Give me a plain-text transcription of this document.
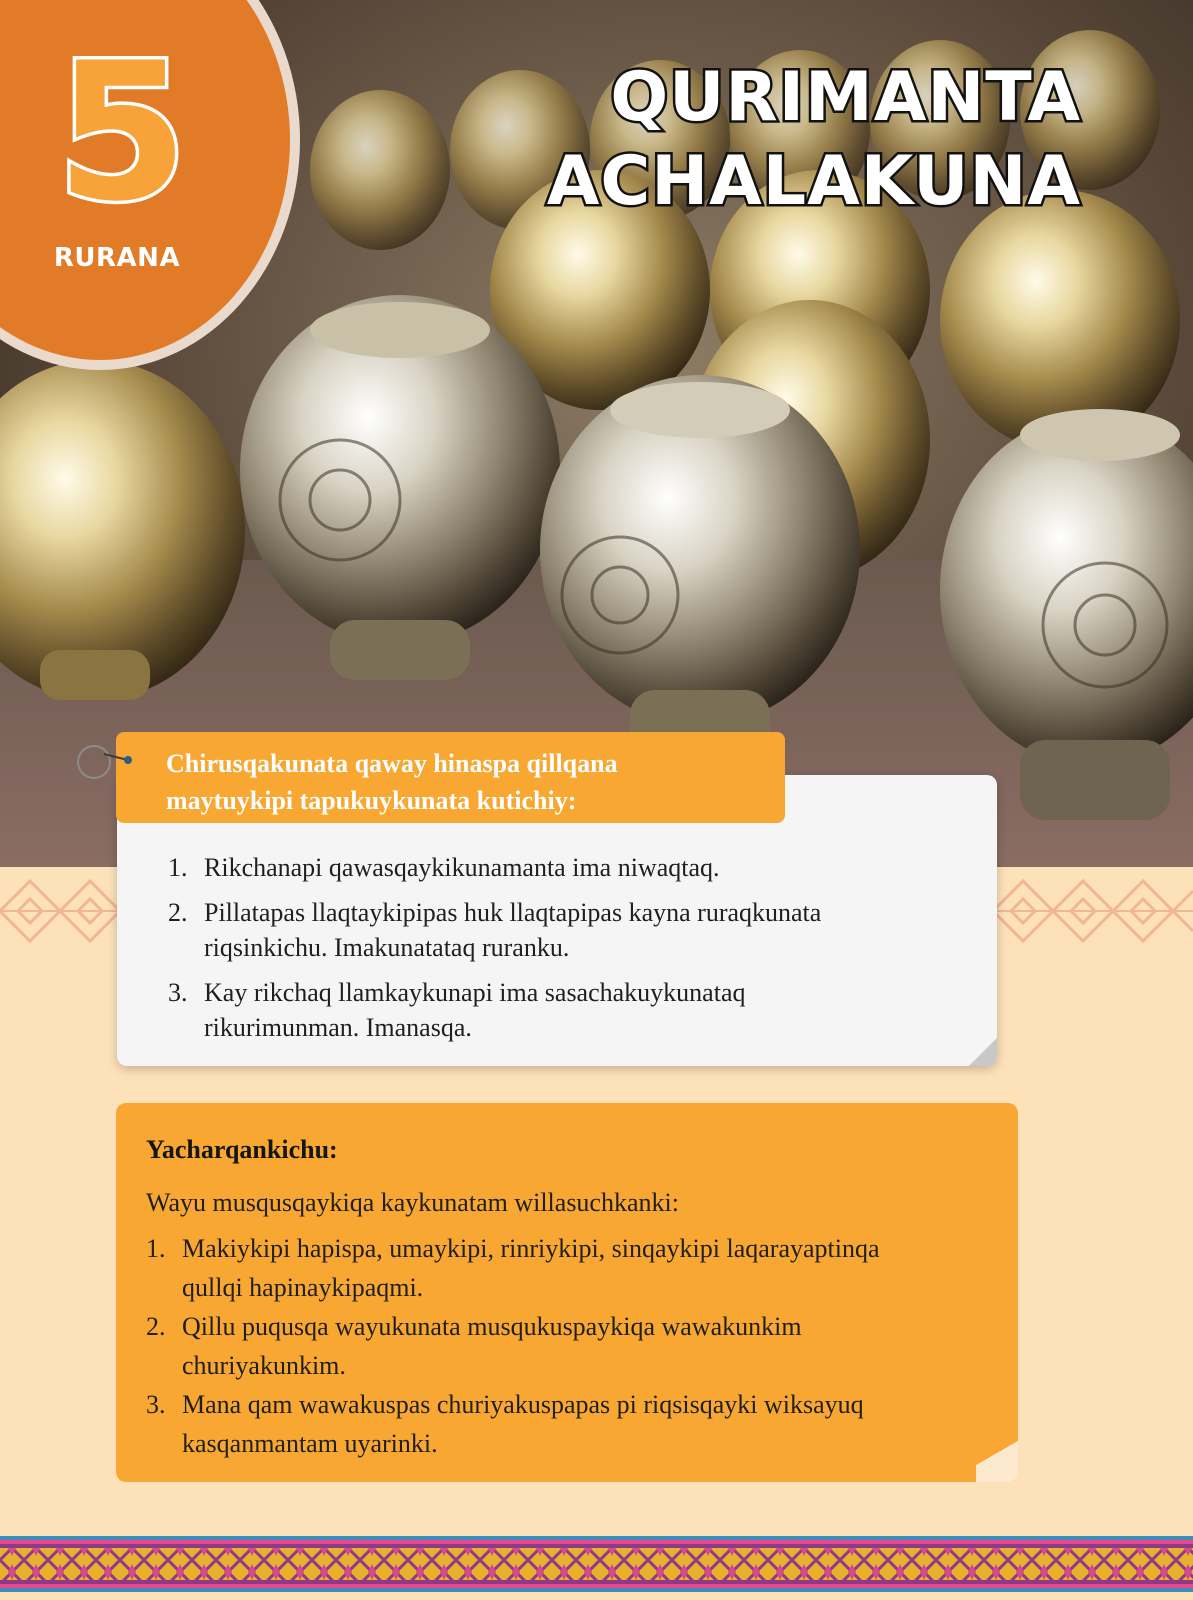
5
RURANA
QURIMANTA
ACHALAKUNA

Chirusqakunata qaway hinaspa qillqana
maytuykipi tapukuykunata kutichiy:

1. Rikchanapi qawasqaykikunamanta ima niwaqtaq.
2. Pillatapas llaqtaykipipas huk llaqtapipas kayna ruraqkunata
riqsinkichu. Imakunatataq ruranku.
3. Kay rikchaq llamkaykunapi ima sasachakuykunataq
rikurimunman. Imanasqa.
Yacharqankichu:

Wayu musqusqaykiqa kaykunatam willasuchkanki:

1. Makiykipi hapispa, umaykipi, rinriykipi, sinqaykipi laqarayaptinqa
qullqi hapinaykipaqmi.
2. Qillu puqusqa wayukunata musqukuspaykiqa wawakunkim
churiyakunkim.
3. Mana qam wawakuspas churiyakuspapas pi riqsisqayki wiksayuq
kasqanmantam uyarinki.
